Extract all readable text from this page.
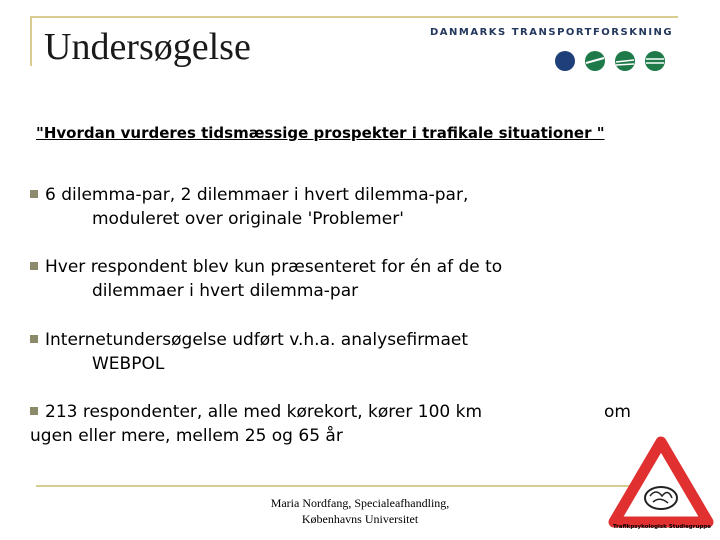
Undersøgelse	DANMARKS TRANSPORTFORSKNING
"Hvordan vurderes tidsmæssige prospekter i trafikale situationer "
6 dilemma-par, 2 dilemmaer i hvert dilemma-par,
moduleret over originale 'Problemer'
Hver respondent blev kun præsenteret for én af de to
dilemmaer i hvert dilemma-par
Internetundersøgelse udført v.h.a. analysefirmaet
WEBPOL
213 respondenter, alle med kørekort, kører 100 km
ugen eller mere, mellem 25 og 65 år
om
Maria Nordfang, Specialeafhandling,
Københavns Universitet
Trafikpsykologisk Studiegruppe
